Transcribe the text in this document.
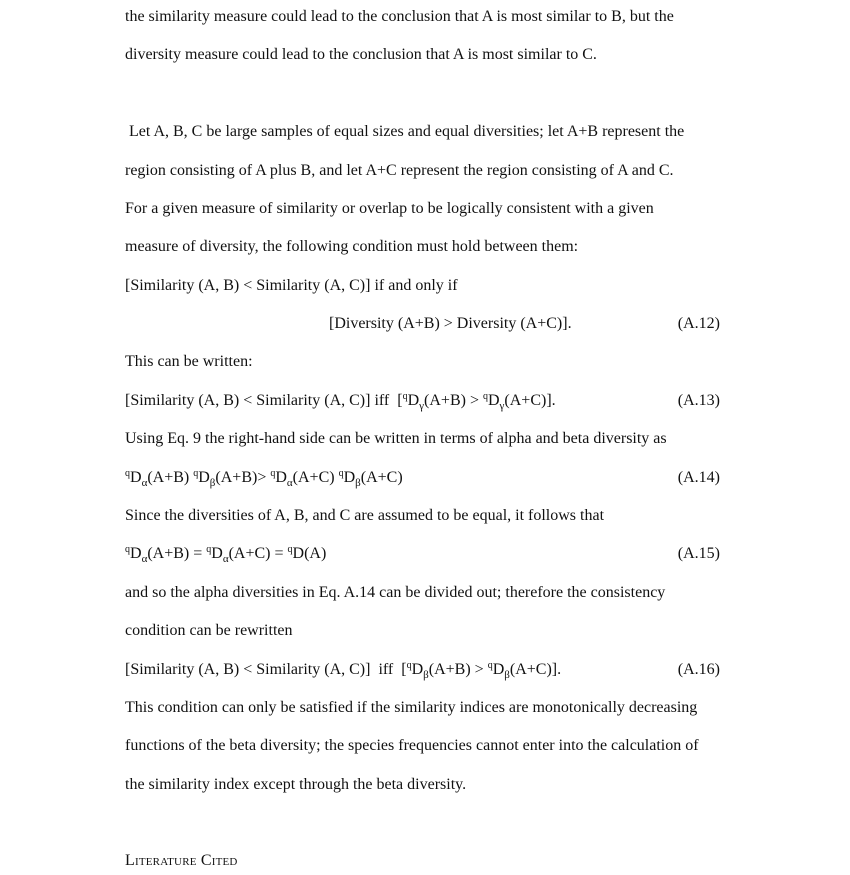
the similarity measure could lead to the conclusion that A is most similar to B, but the
diversity measure could lead to the conclusion that A is most similar to C.
Let A, B, C be large samples of equal sizes and equal diversities; let A+B represent the
region consisting of A plus B, and let A+C represent the region consisting of A and C.
For a given measure of similarity or overlap to be logically consistent with a given
measure of diversity, the following condition must hold between them:
[Similarity (A, B) < Similarity (A, C)] if and only if
[Diversity (A+B) > Diversity (A+C)].	(A.12)
This can be written:
[Similarity (A, B) < Similarity (A, C)] iff  $[^qD_\gamma(A+B) > ^qD_\gamma(A+C)]$.	(A.13)
Using Eq. 9 the right-hand side can be written in terms of alpha and beta diversity as
$^qD_\alpha(A+B)$ $^qD_\beta(A+B)> ^qD_\alpha(A+C)$ $^qD_\beta(A+C)$	(A.14)
Since the diversities of A, B, and C are assumed to be equal, it follows that
$^qD_\alpha(A+B) = ^qD_\alpha(A+C) = ^qD(A)$	(A.15)
and so the alpha diversities in Eq. A.14 can be divided out; therefore the consistency
condition can be rewritten
[Similarity (A, B) < Similarity (A, C)]  iff  $[^qD_\beta(A+B) > ^qD_\beta(A+C)]$.	(A.16)
This condition can only be satisfied if the similarity indices are monotonically decreasing
functions of the beta diversity; the species frequencies cannot enter into the calculation of
the similarity index except through the beta diversity.
Literature Cited
